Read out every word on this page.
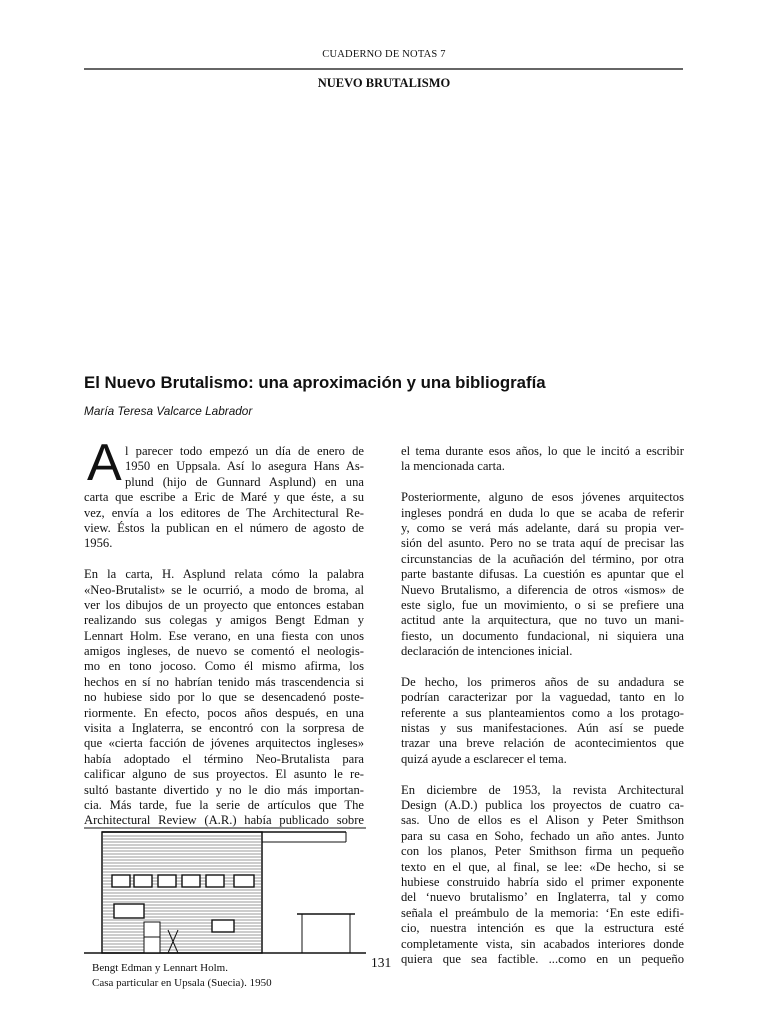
CUADERNO DE NOTAS 7
NUEVO BRUTALISMO
El Nuevo Brutalismo: una aproximación y una bibliografía
María Teresa Valcarce Labrador
A l parecer todo empezó un día de enero de
1950 en Uppsala. Así lo asegura Hans As-
plund (hijo de Gunnard Asplund) en una
carta que escribe a Eric de Maré y que éste, a su
vez, envía a los editores de The Architectural Re-
view. Éstos la publican en el número de agosto de
1956.
En la carta, H. Asplund relata cómo la palabra
«Neo-Brutalist» se le ocurrió, a modo de broma, al
ver los dibujos de un proyecto que entonces estaban
realizando sus colegas y amigos Bengt Edman y
Lennart Holm. Ese verano, en una fiesta con unos
amigos ingleses, de nuevo se comentó el neologis-
mo en tono jocoso. Como él mismo afirma, los
hechos en sí no habrían tenido más trascendencia si
no hubiese sido por lo que se desencadenó poste-
riormente. En efecto, pocos años después, en una
visita a Inglaterra, se encontró con la sorpresa de
que «cierta facción de jóvenes arquitectos ingleses»
había adoptado el término Neo-Brutalista para
calificar alguno de sus proyectos. El asunto le re-
sultó bastante divertido y no le dio más importan-
cia. Más tarde, fue la serie de artículos que The
Architectural Review (A.R.) había publicado sobre
el tema durante esos años, lo que le incitó a escribir
la mencionada carta.
Posteriormente, alguno de esos jóvenes arquitectos
ingleses pondrá en duda lo que se acaba de referir
y, como se verá más adelante, dará su propia ver-
sión del asunto. Pero no se trata aquí de precisar las
circunstancias de la acuñación del término, por otra
parte bastante difusas. La cuestión es apuntar que el
Nuevo Brutalismo, a diferencia de otros «ismos» de
este siglo, fue un movimiento, o si se prefiere una
actitud ante la arquitectura, que no tuvo un mani-
fiesto, un documento fundacional, ni siquiera una
declaración de intenciones inicial.
De hecho, los primeros años de su andadura se
podrían caracterizar por la vaguedad, tanto en lo
referente a sus planteamientos como a los protago-
nistas y sus manifestaciones. Aún así se puede
trazar una breve relación de acontecimientos que
quizá ayude a esclarecer el tema.
En diciembre de 1953, la revista Architectural
Design (A.D.) publica los proyectos de cuatro ca-
sas. Uno de ellos es el Alison y Peter Smithson
para su casa en Soho, fechado un año antes. Junto
con los planos, Peter Smithson firma un pequeño
texto en el que, al final, se lee: «De hecho, si se
hubiese construido habría sido el primer exponente
del ‘nuevo brutalismo’ en Inglaterra, tal y como
señala el preámbulo de la memoria: ‘En este edifi-
cio, nuestra intención es que la estructura esté
completamente vista, sin acabados interiores donde
quiera que sea factible. ...como en un pequeño
Bengt Edman y Lennart Holm.
Casa particular en Upsala (Suecia). 1950
131
